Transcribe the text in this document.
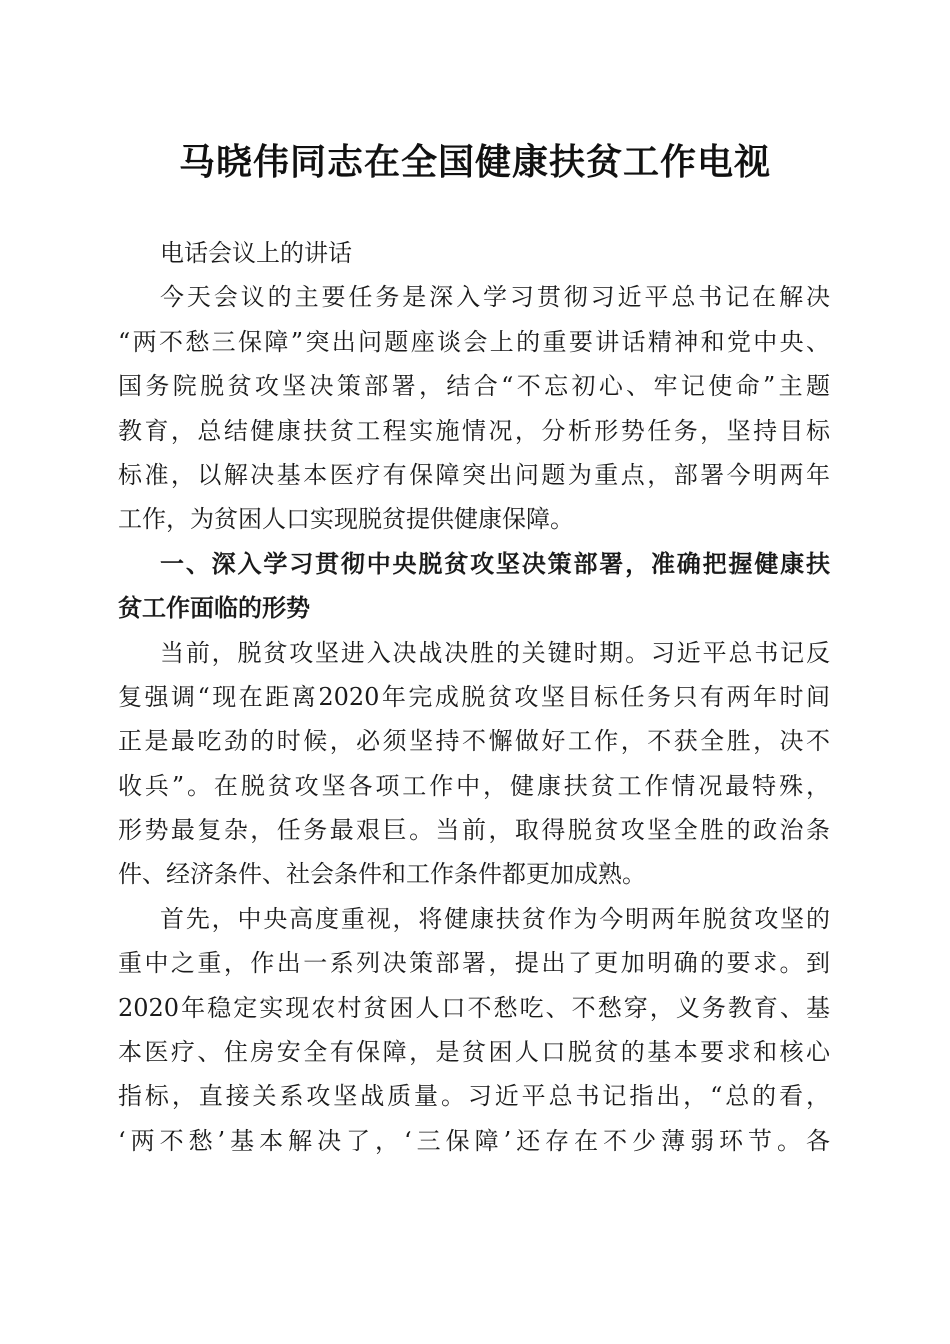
马晓伟同志在全国健康扶贫工作电视
电话会议上的讲话
今天会议的主要任务是深入学习贯彻习近平总书记在解决
“两不愁三保障”突出问题座谈会上的重要讲话精神和党中央、
国务院脱贫攻坚决策部署，结合“不忘初心、牢记使命”主题
教育，总结健康扶贫工程实施情况，分析形势任务，坚持目标
标准，以解决基本医疗有保障突出问题为重点，部署今明两年
工作，为贫困人口实现脱贫提供健康保障。
一、深入学习贯彻中央脱贫攻坚决策部署，准确把握健康扶
贫工作面临的形势
当前，脱贫攻坚进入决战决胜的关键时期。习近平总书记反
复强调“现在距离2020年完成脱贫攻坚目标任务只有两年时间
正是最吃劲的时候，必须坚持不懈做好工作，不获全胜，决不
收兵”。在脱贫攻坚各项工作中，健康扶贫工作情况最特殊，
形势最复杂，任务最艰巨。当前，取得脱贫攻坚全胜的政治条
件、经济条件、社会条件和工作条件都更加成熟。
首先，中央高度重视，将健康扶贫作为今明两年脱贫攻坚的
重中之重，作出一系列决策部署，提出了更加明确的要求。到
2020年稳定实现农村贫困人口不愁吃、不愁穿，义务教育、基
本医疗、住房安全有保障，是贫困人口脱贫的基本要求和核心
指标，直接关系攻坚战质量。习近平总书记指出，“总的看，
‘两不愁’基本解决了，‘三保障’还存在不少薄弱环节。各
